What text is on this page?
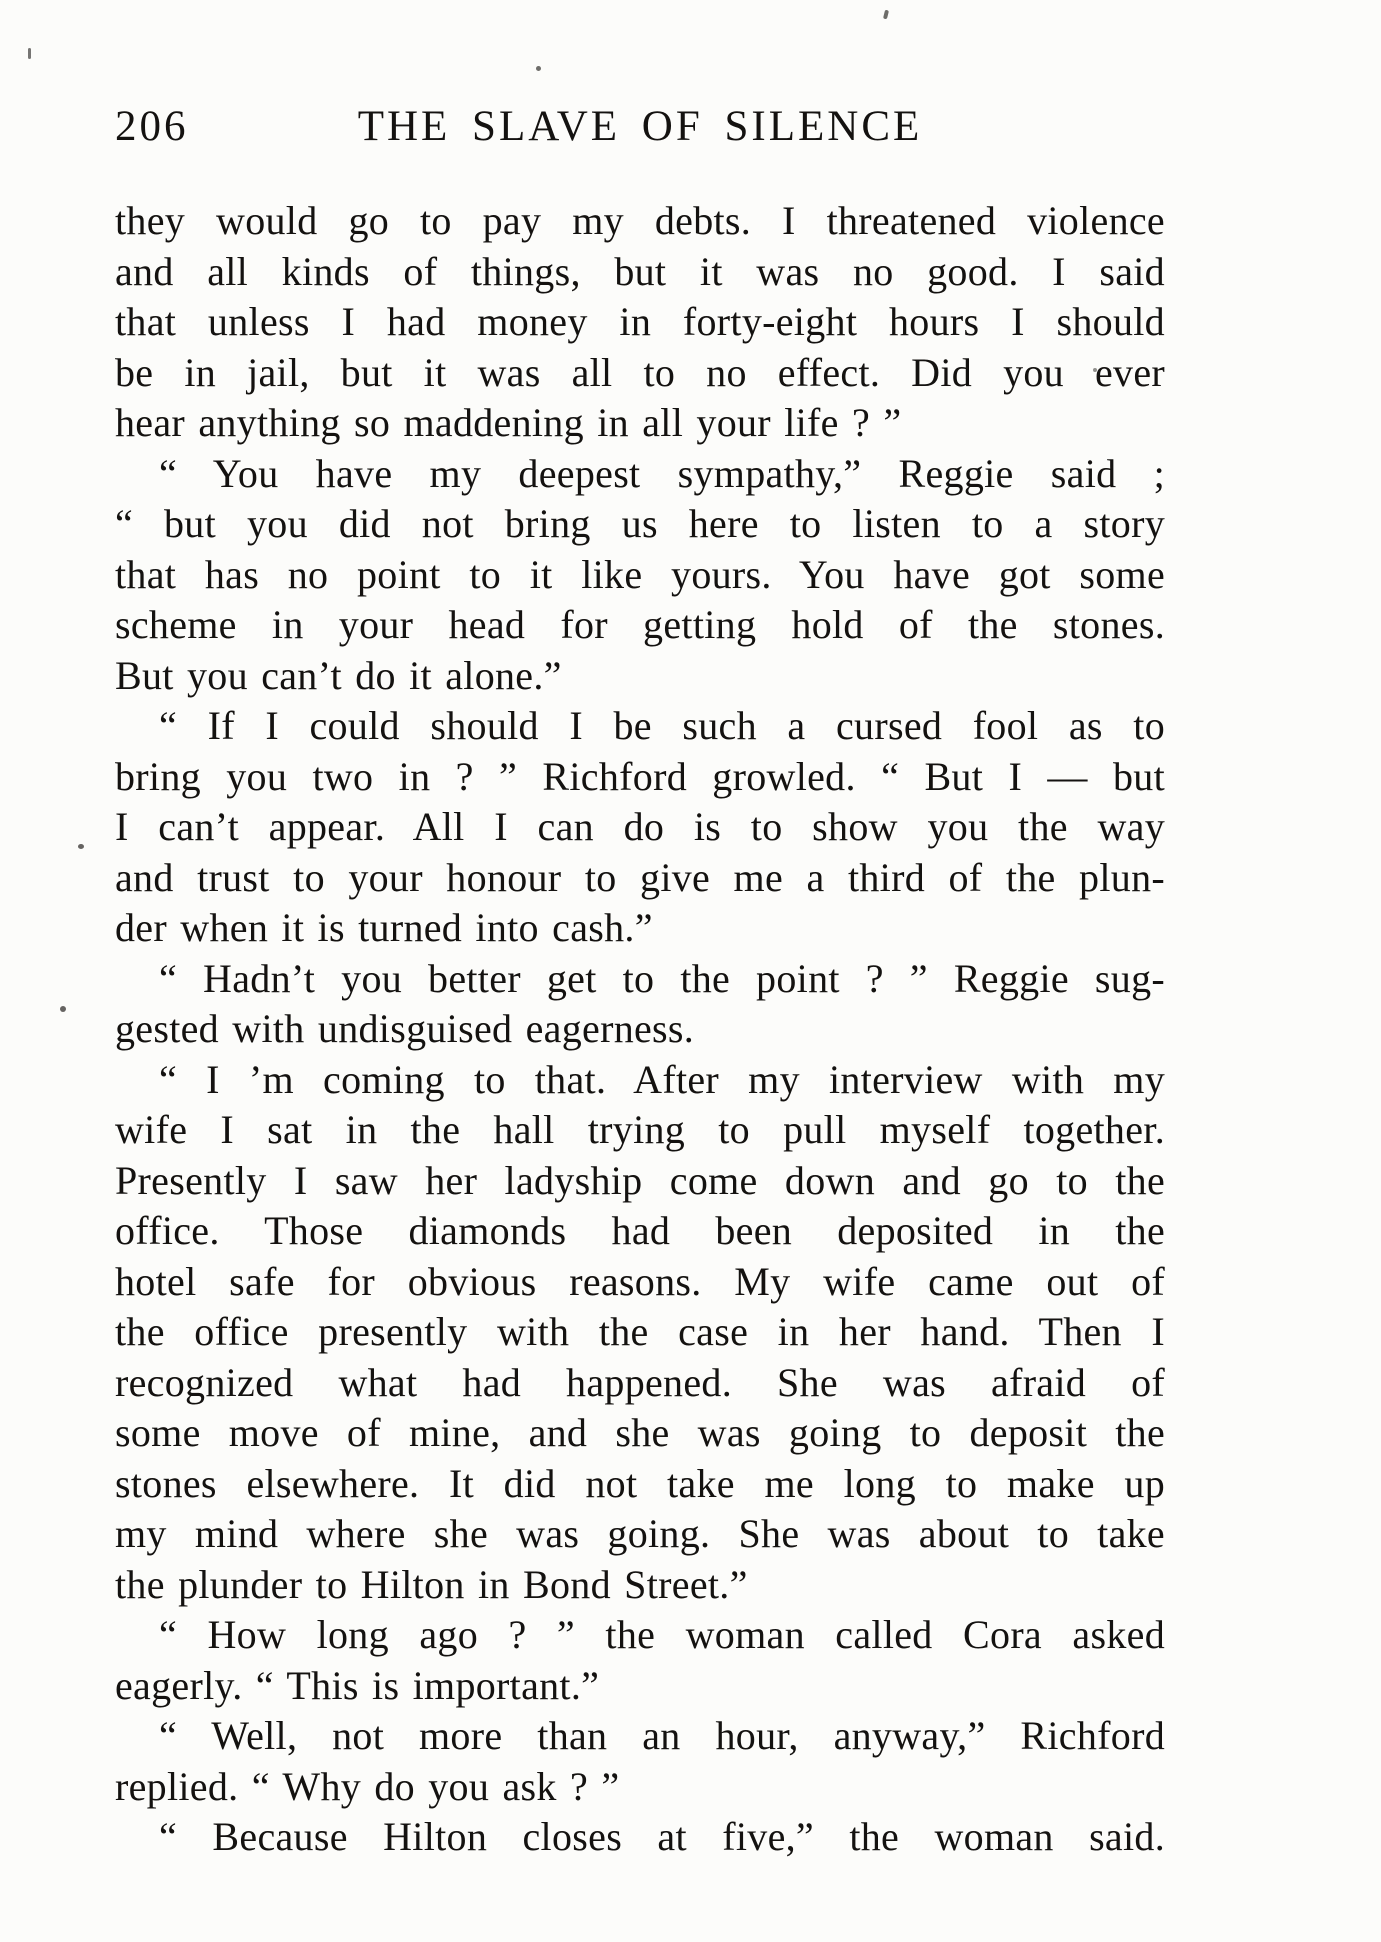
206	THE SLAVE OF SILENCE
they would go to pay my debts. I threatened violence
and all kinds of things, but it was no good. I said
that unless I had money in forty-eight hours I should
be in jail, but it was all to no effect. Did you ever
hear anything so maddening in all your life ? ”
“ You have my deepest sympathy,” Reggie said ;
“ but you did not bring us here to listen to a story
that has no point to it like yours. You have got some
scheme in your head for getting hold of the stones.
But you can’t do it alone.”
“ If I could should I be such a cursed fool as to
bring you two in ? ” Richford growled. “ But I — but
I can’t appear. All I can do is to show you the way
and trust to your honour to give me a third of the plun-
der when it is turned into cash.”
“ Hadn’t you better get to the point ? ” Reggie sug-
gested with undisguised eagerness.
“ I ’m coming to that. After my interview with my
wife I sat in the hall trying to pull myself together.
Presently I saw her ladyship come down and go to the
office. Those diamonds had been deposited in the
hotel safe for obvious reasons. My wife came out of
the office presently with the case in her hand. Then I
recognized what had happened. She was afraid of
some move of mine, and she was going to deposit the
stones elsewhere. It did not take me long to make up
my mind where she was going. She was about to take
the plunder to Hilton in Bond Street.”
“ How long ago ? ” the woman called Cora asked
eagerly. “ This is important.”
“ Well, not more than an hour, anyway,” Richford
replied. “ Why do you ask ? ”
“ Because Hilton closes at five,” the woman said.
